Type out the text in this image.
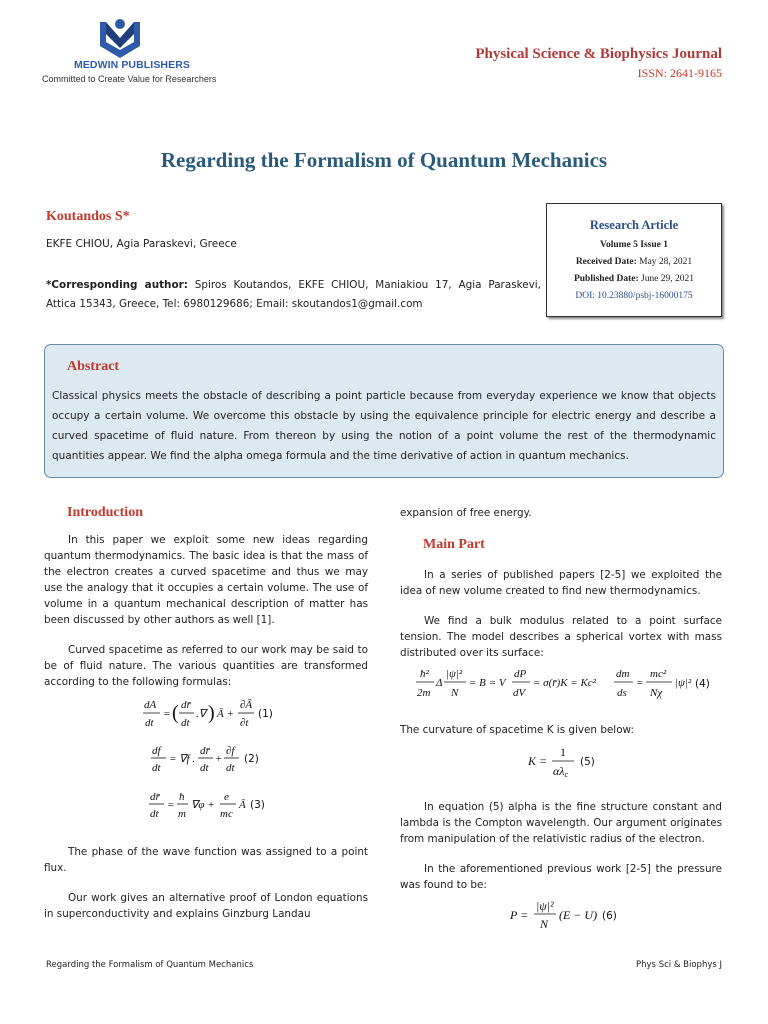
MEDWIN PUBLISHERS
Committed to Create Value for Researchers
Physical Science & Biophysics Journal
ISSN: 2641-9165
Regarding the Formalism of Quantum Mechanics
Koutandos S*
EKFE CHIOU, Agia Paraskevi, Greece
*Corresponding author: Spiros Koutandos, EKFE CHIOU, Maniakiou 17, Agia Paraskevi, Attica 15343, Greece, Tel: 6980129686; Email: skoutandos1@gmail.com
Research Article
Volume 5 Issue 1
Received Date: May 28, 2021
Published Date: June 29, 2021
DOI: 10.23880/psbj-16000175
Abstract
Classical physics meets the obstacle of describing a point particle because from everyday experience we know that objects occupy a certain volume. We overcome this obstacle by using the equivalence principle for electric energy and describe a curved spacetime of fluid nature. From thereon by using the notion of a point volume the rest of the thermodynamic quantities appear. We find the alpha omega formula and the time derivative of action in quantum mechanics.
Introduction
In this paper we exploit some new ideas regarding quantum thermodynamics. The basic idea is that the mass of the electron creates a curved spacetime and thus we may use the analogy that it occupies a certain volume. The use of volume in a quantum mechanical description of matter has been discussed by other authors as well [1].
Curved spacetime as referred to our work may be said to be of fluid nature. The various quantities are transformed according to the following formulas:
dA
dt
= ( dr̄
dt
.∇ ) Ā +
∂Ā
∂t
(1)
df
dt
= ∇f .
dr̄
dt
+
∂f
dt
(2)
dr̄
dt
=
ħ
m
∇φ +
e
mc
Ā (3)
The phase of the wave function was assigned to a point flux.
Our work gives an alternative proof of London equations in superconductivity and explains Ginzburg Landau
expansion of free energy.
Main Part
In a series of published papers [2-5] we exploited the idea of new volume created to find new thermodynamics.
We find a bulk modulus related to a point surface tension. The model describes a spherical vortex with mass distributed over its surface:
ħ²
2m
Δ
|ψ|²
N
= B = V
dP
dV
= σ(r̄)K = Kc²
dm
ds
=
mc²
Nχ
|ψ|² (4)
The curvature of spacetime K is given below:
K =
1
αλc
(5)
In equation (5) alpha is the fine structure constant and lambda is the Compton wavelength. Our argument originates from manipulation of the relativistic radius of the electron.
In the aforementioned previous work [2-5] the pressure was found to be:
P =
|ψ|²
N
(E − U) (6)
Regarding the Formalism of Quantum Mechanics	Phys Sci & Biophys J
